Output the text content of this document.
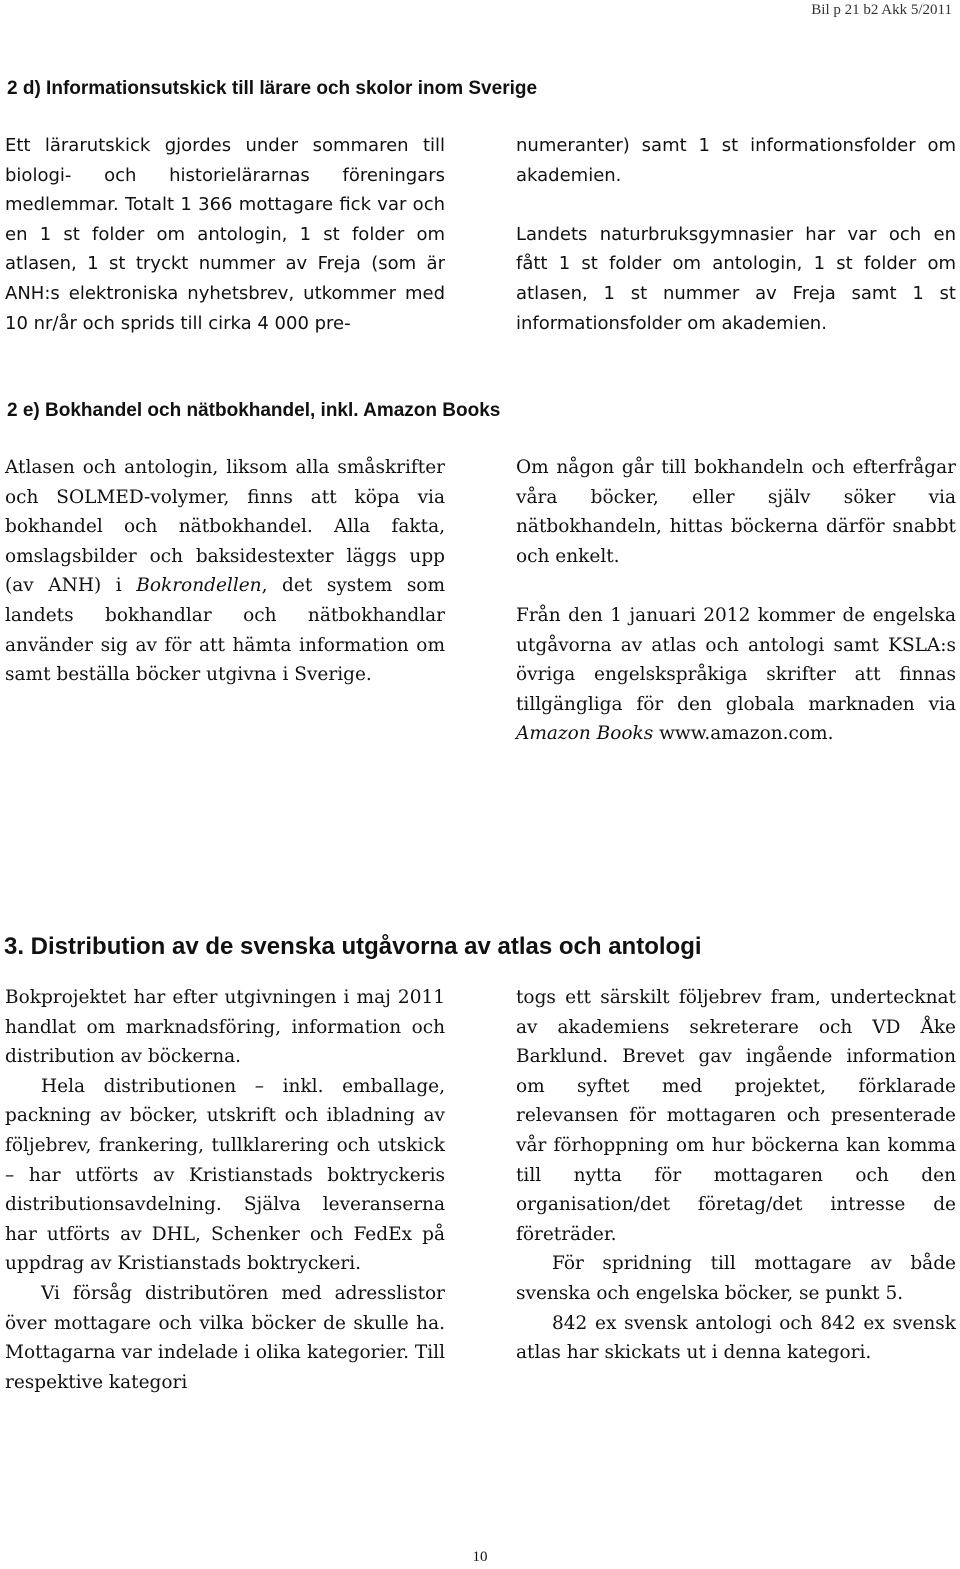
Bil p 21 b2 Akk 5/2011
2 d) Informationsutskick till lärare och skolor inom Sverige

Ett lärarutskick gjordes under sommaren till biologi- och historielärarnas föreningars medlemmar. Totalt 1 366 mottagare fick var och en 1 st folder om antologin, 1 st folder om atlasen, 1 st tryckt nummer av Freja (som är ANH:s elektroniska nyhetsbrev, utkommer med 10 nr/år och sprids till cirka 4 000 pre-

numeranter) samt 1 st informationsfolder om akademien.

Landets naturbruksgymnasier har var och en fått 1 st folder om antologin, 1 st folder om atlasen, 1 st nummer av Freja samt 1 st informationsfolder om akademien.

2 e) Bokhandel och nätbokhandel, inkl. Amazon Books

Atlasen och antologin, liksom alla småskrifter och SOLMED-volymer, finns att köpa via bokhandel och nätbokhandel. Alla fakta, omslagsbilder och baksidestexter läggs upp (av ANH) i Bokrondellen, det system som landets bokhandlar och nätbokhandlar använder sig av för att hämta information om samt beställa böcker utgivna i Sverige.

Om någon går till bokhandeln och efterfrågar våra böcker, eller själv söker via nätbokhandeln, hittas böckerna därför snabbt och enkelt.

Från den 1 januari 2012 kommer de engelska utgåvorna av atlas och antologi samt KSLA:s övriga engelskspråkiga skrifter att finnas tillgängliga för den globala marknaden via Amazon Books www.amazon.com.

3. Distribution av de svenska utgåvorna av atlas och antologi

Bokprojektet har efter utgivningen i maj 2011 handlat om marknadsföring, information och distribution av böckerna.

Hela distributionen – inkl. emballage, packning av böcker, utskrift och ibladning av följebrev, frankering, tullklarering och utskick – har utförts av Kristianstads boktryckeris distributionsavdelning. Själva leveranserna har utförts av DHL, Schenker och FedEx på uppdrag av Kristianstads boktryckeri.

Vi försåg distributören med adresslistor över mottagare och vilka böcker de skulle ha. Mottagarna var indelade i olika kategorier. Till respektive kategori

togs ett särskilt följebrev fram, undertecknat av akademiens sekreterare och VD Åke Barklund. Brevet gav ingående information om syftet med projektet, förklarade relevansen för mottagaren och presenterade vår förhoppning om hur böckerna kan komma till nytta för mottagaren och den organisation/det företag/det intresse de företräder.

För spridning till mottagare av både svenska och engelska böcker, se punkt 5.

842 ex svensk antologi och 842 ex svensk atlas har skickats ut i denna kategori.

10
